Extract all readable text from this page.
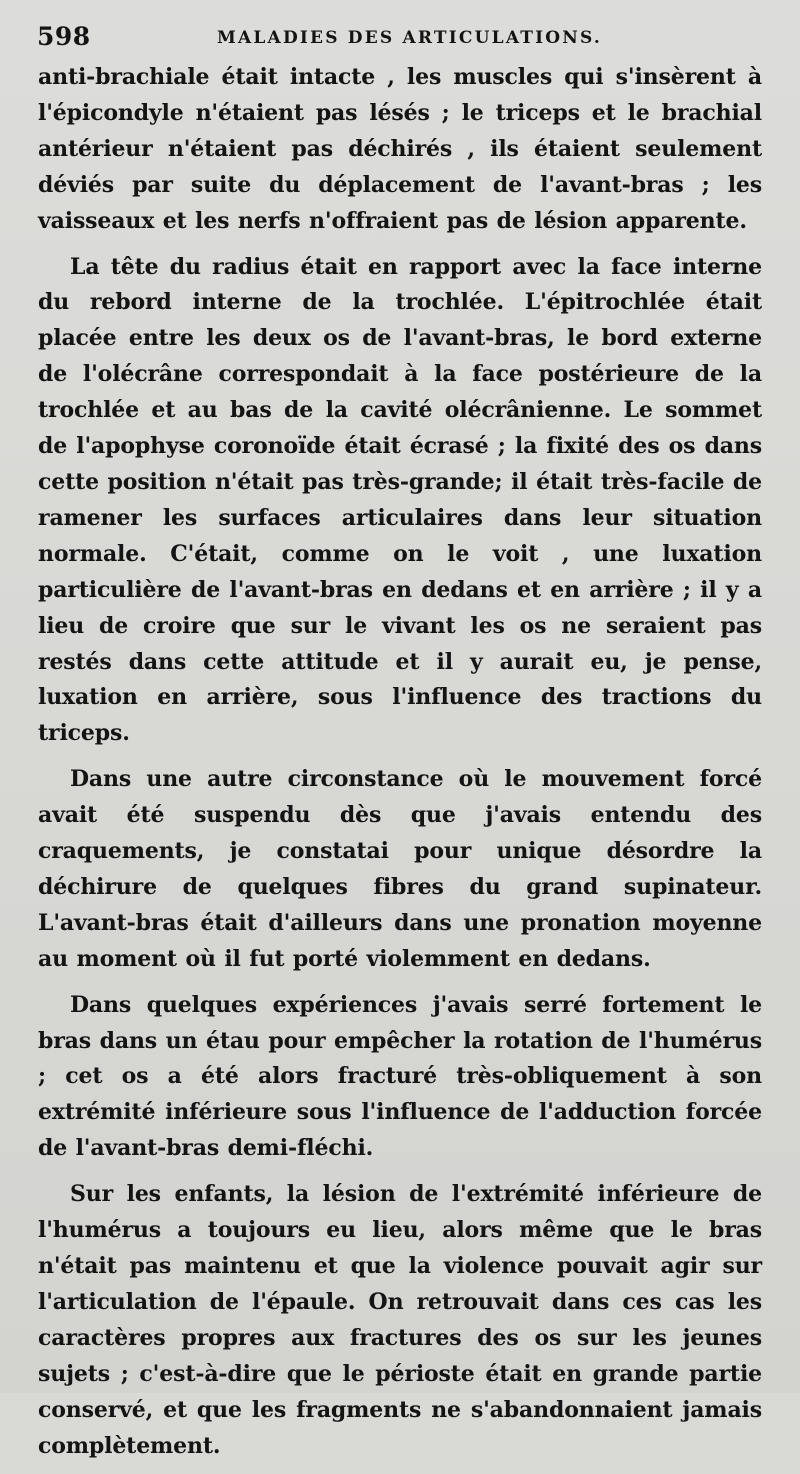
598	MALADIES DES ARTICULATIONS.

anti-brachiale était intacte , les muscles qui s'insèrent à l'épicondyle n'étaient pas lésés ; le triceps et le brachial antérieur n'étaient pas déchirés , ils étaient seulement déviés par suite du déplacement de l'avant-bras ; les vaisseaux et les nerfs n'offraient pas de lésion apparente.

La tête du radius était en rapport avec la face interne du rebord interne de la trochlée. L'épitrochlée était placée entre les deux os de l'avant-bras, le bord externe de l'olécrâne correspondait à la face postérieure de la trochlée et au bas de la cavité olécrânienne. Le sommet de l'apophyse coronoïde était écrasé ; la fixité des os dans cette position n'était pas très-grande; il était très-facile de ramener les surfaces articulaires dans leur situation normale. C'était, comme on le voit , une luxation particulière de l'avant-bras en dedans et en arrière ; il y a lieu de croire que sur le vivant les os ne seraient pas restés dans cette attitude et il y aurait eu, je pense, luxation en arrière, sous l'influence des tractions du triceps.

Dans une autre circonstance où le mouvement forcé avait été suspendu dès que j'avais entendu des craquements, je constatai pour unique désordre la déchirure de quelques fibres du grand supinateur. L'avant-bras était d'ailleurs dans une pronation moyenne au moment où il fut porté violemment en dedans.

Dans quelques expériences j'avais serré fortement le bras dans un étau pour empêcher la rotation de l'humérus ; cet os a été alors fracturé très-obliquement à son extrémité inférieure sous l'influence de l'adduction forcée de l'avant-bras demi-fléchi.

Sur les enfants, la lésion de l'extrémité inférieure de l'humérus a toujours eu lieu, alors même que le bras n'était pas maintenu et que la violence pouvait agir sur l'articulation de l'épaule. On retrouvait dans ces cas les caractères propres aux fractures des os sur les jeunes sujets ; c'est-à-dire que le périoste était en grande partie conservé, et que les fragments ne s'abandonnaient jamais complètement.
